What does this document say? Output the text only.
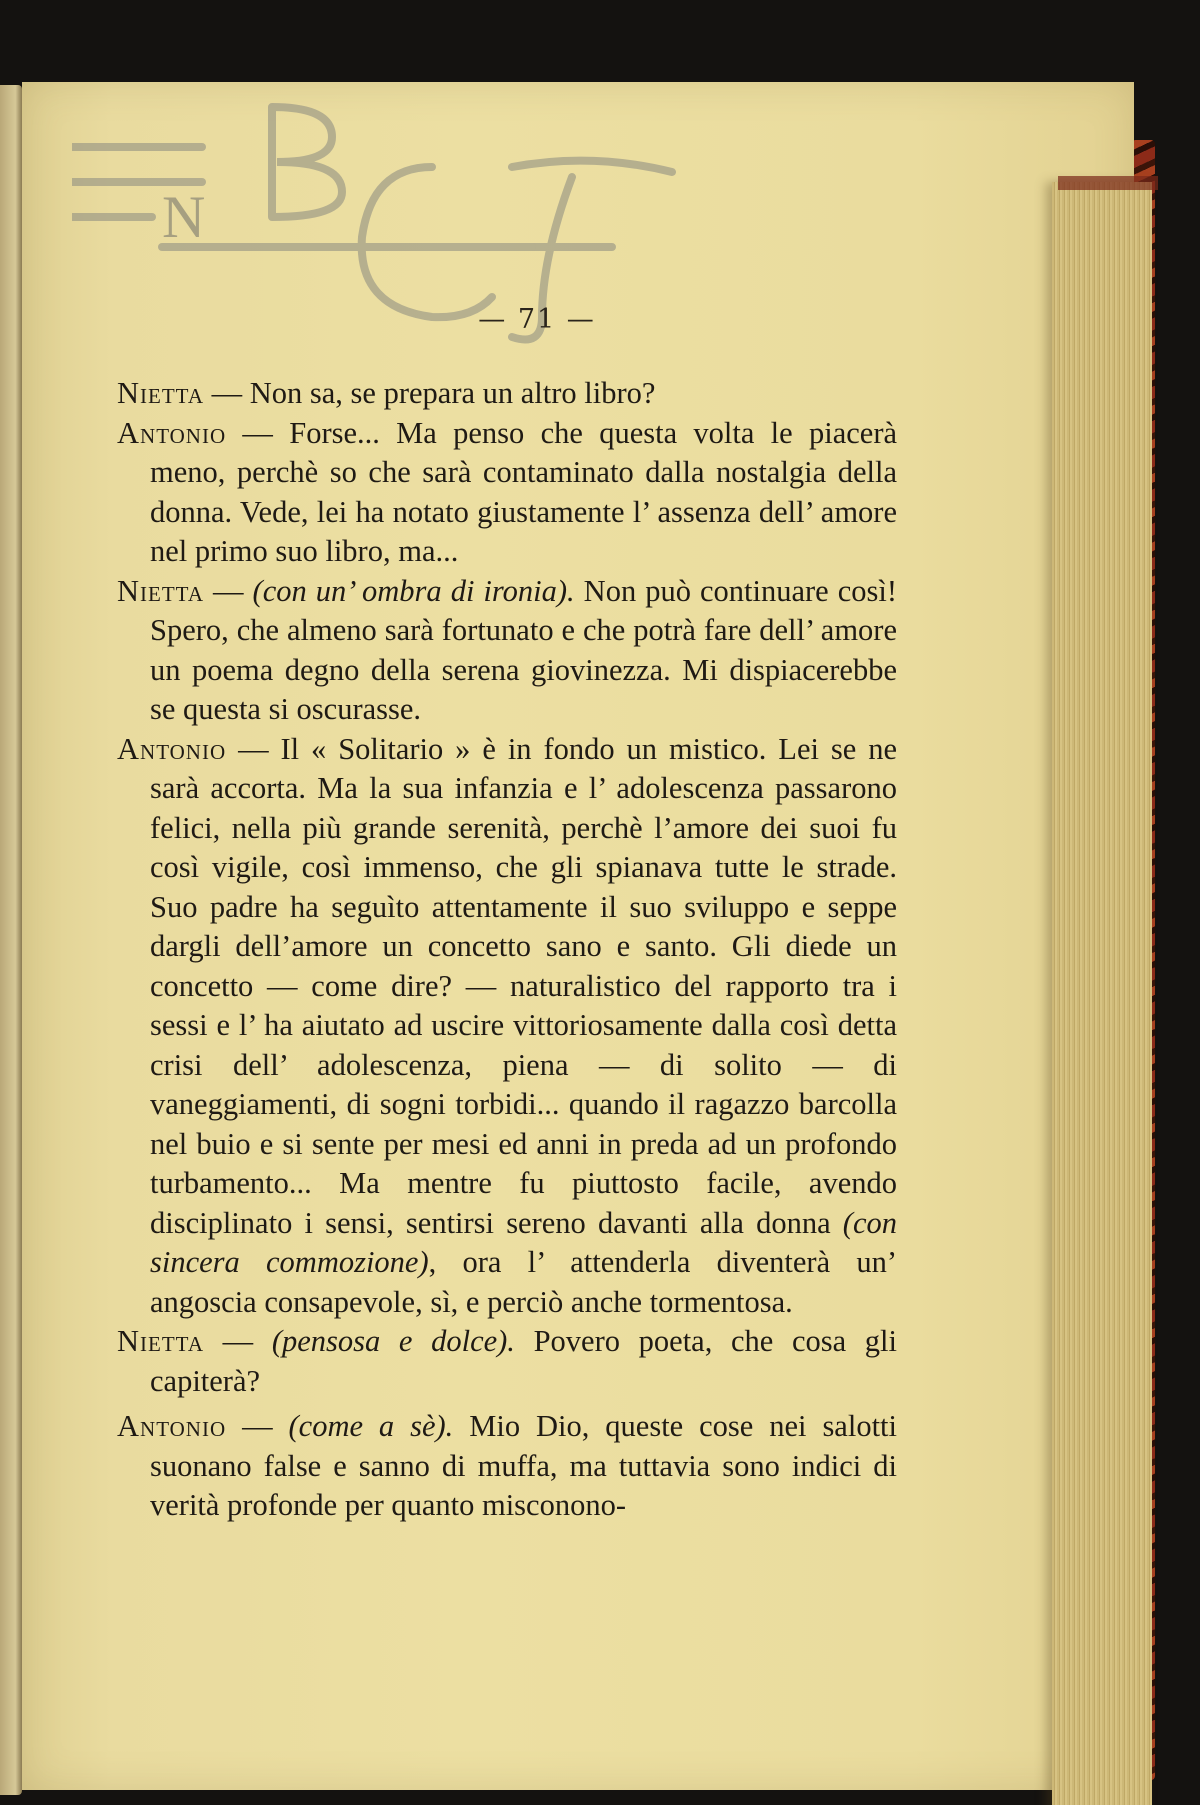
N
BNCF
— 71 —

Nietta — Non sa, se prepara un altro libro?

Antonio — Forse... Ma penso che questa volta le piacerà meno, perchè so che sarà contaminato dalla nostalgia della donna. Vede, lei ha notato giustamente l’ assenza dell’ amore nel primo suo libro, ma...

Nietta — (con un’ ombra di ironia). Non può continuare così! Spero, che almeno sarà fortunato e che potrà fare dell’ amore un poema degno della serena giovinezza. Mi dispiacerebbe se questa si oscurasse.

Antonio — Il « Solitario » è in fondo un mistico. Lei se ne sarà accorta. Ma la sua infanzia e l’ adolescenza passarono felici, nella più grande serenità, perchè l’amore dei suoi fu così vigile, così immenso, che gli spianava tutte le strade. Suo padre ha seguìto attentamente il suo sviluppo e seppe dargli dell’amore un concetto sano e santo. Gli diede un concetto — come dire? — naturalistico del rapporto tra i sessi e l’ ha aiutato ad uscire vittoriosamente dalla così detta crisi dell’ adolescenza, piena — di solito — di vaneggiamenti, di sogni torbidi... quando il ragazzo barcolla nel buio e si sente per mesi ed anni in preda ad un profondo turbamento... Ma mentre fu piuttosto facile, avendo disciplinato i sensi, sentirsi sereno davanti alla donna (con sincera commozione), ora l’ attenderla diventerà un’ angoscia consapevole, sì, e perciò anche tormentosa.

Nietta — (pensosa e dolce). Povero poeta, che cosa gli capiterà?

Antonio — (come a sè). Mio Dio, queste cose nei salotti suonano false e sanno di muffa, ma tuttavia sono indici di verità profonde per quanto misconono-
